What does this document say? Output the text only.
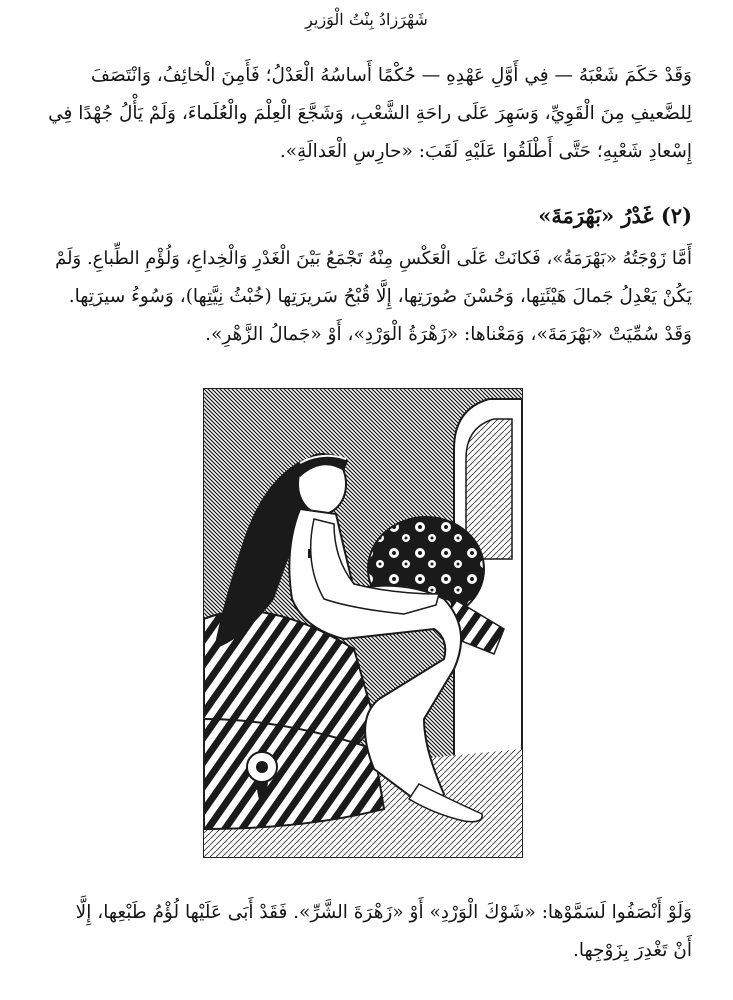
شَهْرَزادُ بِنْتُ الْوَزيرِ
وَقَدْ حَكَمَ شَعْبَهُ — فِي أَوَّلِ عَهْدِهِ — حُكْمًا أَساسُهُ الْعَدْلُ؛ فَأَمِنَ الْخائِفُ، وَانْتَصَفَ
لِلضَّعيفِ مِنَ الْقَوِيِّ، وَسَهِرَ عَلَى راحَةِ الشَّعْبِ، وَشَجَّعَ الْعِلْمَ والْعُلَماءَ، وَلَمْ يَأْلُ جُهْدًا فِي
إِسْعادِ شَعْبِهِ؛ حَتَّى أَطْلَقُوا عَلَيْهِ لَقَبَ: «حارِسِ الْعَدالَةِ».
(٢) غَدْرُ «بَهْرَمَةَ»
أَمَّا زَوْجَتُهُ «بَهْرَمَةُ»، فَكانَتْ عَلَى الْعَكْسِ مِنْهُ تَجْمَعُ بَيْنَ الْغَدْرِ وَالْخِداعِ، وَلُؤْمِ الطِّباعِ. وَلَمْ
يَكُنْ يَعْدِلُ جَمالَ هَيْئَتِها، وَحُسْنَ صُورَتِها، إِلَّا قُبْحُ سَريرَتِها (خُبْثُ نِيَّتِها)، وَسُوءُ سيرَتِها.
وَقَدْ سُمِّيَتْ «بَهْرَمَةَ»، وَمَعْناها: «زَهْرَةُ الْوَرْدِ»، أَوْ «جَمالُ الزَّهْرِ».
وَلَوْ أَنْصَفُوا لَسَمَّوْها: «شَوْكَ الْوَرْدِ» أَوْ «زَهْرَةَ الشَّرِّ». فَقَدْ أَبَى عَلَيْها لُؤْمُ طَبْعِها، إِلَّا
أَنْ تَغْدِرَ بِزَوْجِها.
